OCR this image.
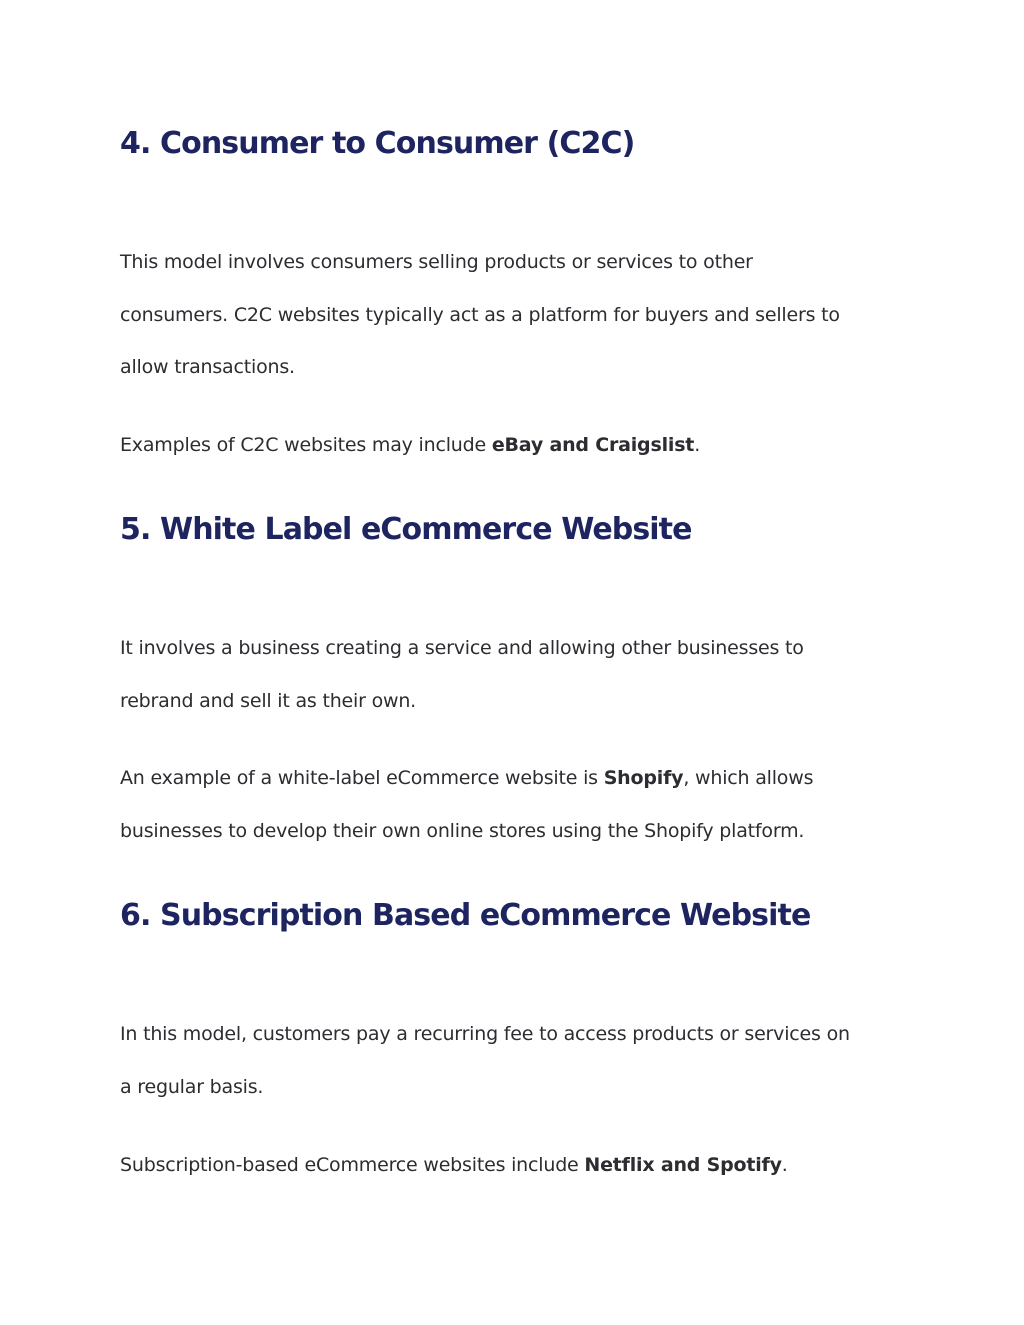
4. Consumer to Consumer (C2C)

This model involves consumers selling products or services to other
consumers. C2C websites typically act as a platform for buyers and sellers to
allow transactions.

Examples of C2C websites may include eBay and Craigslist.

5. White Label eCommerce Website

It involves a business creating a service and allowing other businesses to
rebrand and sell it as their own.

An example of a white-label eCommerce website is Shopify, which allows
businesses to develop their own online stores using the Shopify platform.

6. Subscription Based eCommerce Website

In this model, customers pay a recurring fee to access products or services on
a regular basis.

Subscription-based eCommerce websites include Netflix and Spotify.
